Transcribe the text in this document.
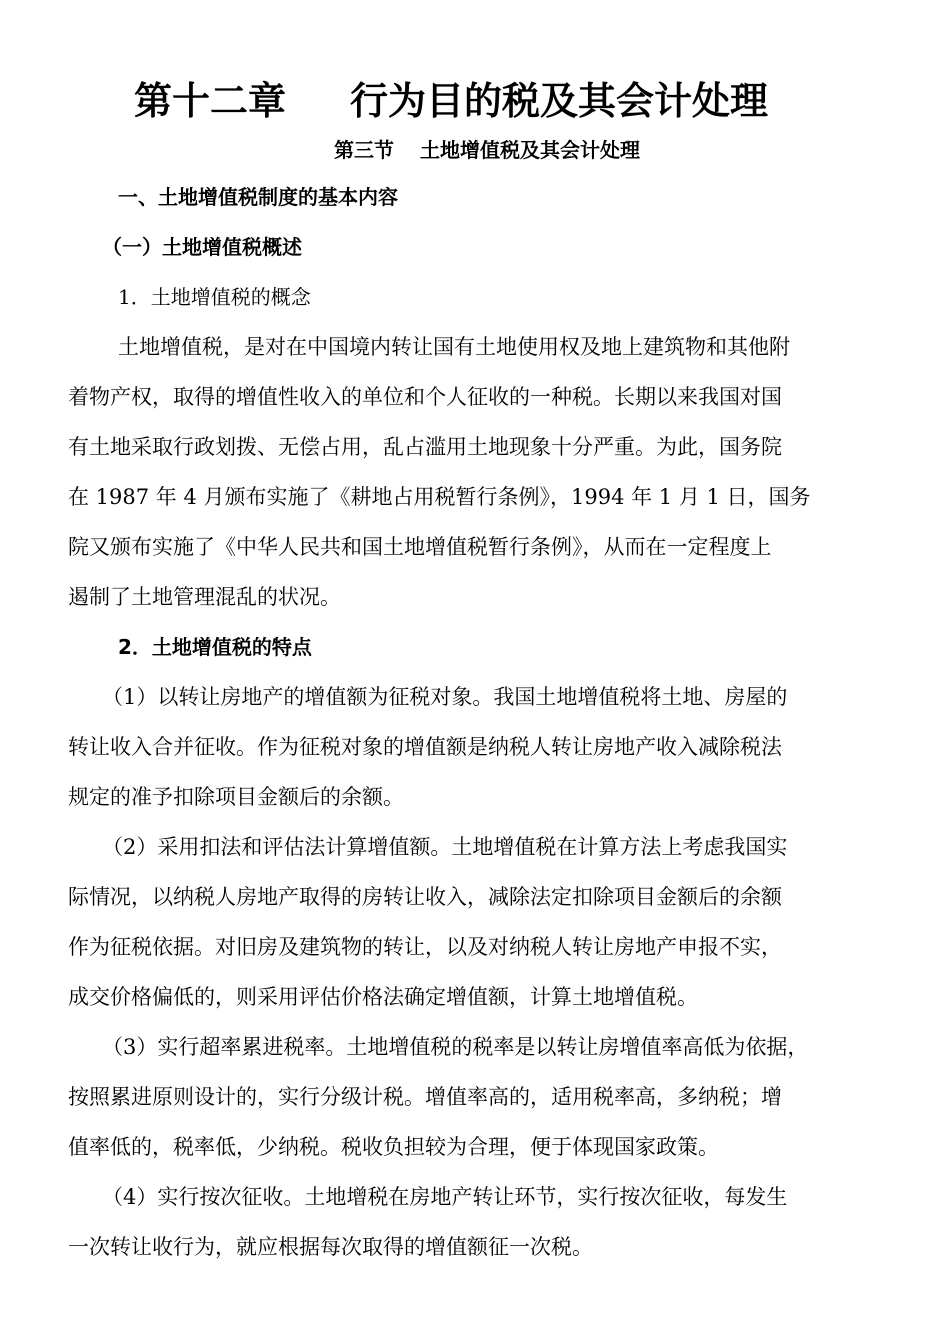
第十二章 行为目的税及其会计处理
第三节 土地增值税及其会计处理
一、土地增值税制度的基本内容
（一）土地增值税概述
1．土地增值税的概念
土地增值税，是对在中国境内转让国有土地使用权及地上建筑物和其他附
着物产权，取得的增值性收入的单位和个人征收的一种税。长期以来我国对国
有土地采取行政划拨、无偿占用，乱占滥用土地现象十分严重。为此，国务院
在 1987 年 4 月颁布实施了《耕地占用税暂行条例》，1994 年 1 月 1 日，国务
院又颁布实施了《中华人民共和国土地增值税暂行条例》，从而在一定程度上
遏制了土地管理混乱的状况。
2．土地增值税的特点
（1）以转让房地产的增值额为征税对象。我国土地增值税将土地、房屋的
转让收入合并征收。作为征税对象的增值额是纳税人转让房地产收入减除税法
规定的准予扣除项目金额后的余额。
（2）采用扣法和评估法计算增值额。土地增值税在计算方法上考虑我国实
际情况，以纳税人房地产取得的房转让收入，减除法定扣除项目金额后的余额
作为征税依据。对旧房及建筑物的转让，以及对纳税人转让房地产申报不实，
成交价格偏低的，则采用评估价格法确定增值额，计算土地增值税。
（3）实行超率累进税率。土地增值税的税率是以转让房增值率高低为依据，
按照累进原则设计的，实行分级计税。增值率高的，适用税率高，多纳税；增
值率低的，税率低，少纳税。税收负担较为合理，便于体现国家政策。
（4）实行按次征收。土地增税在房地产转让环节，实行按次征收，每发生
一次转让收行为，就应根据每次取得的增值额征一次税。
